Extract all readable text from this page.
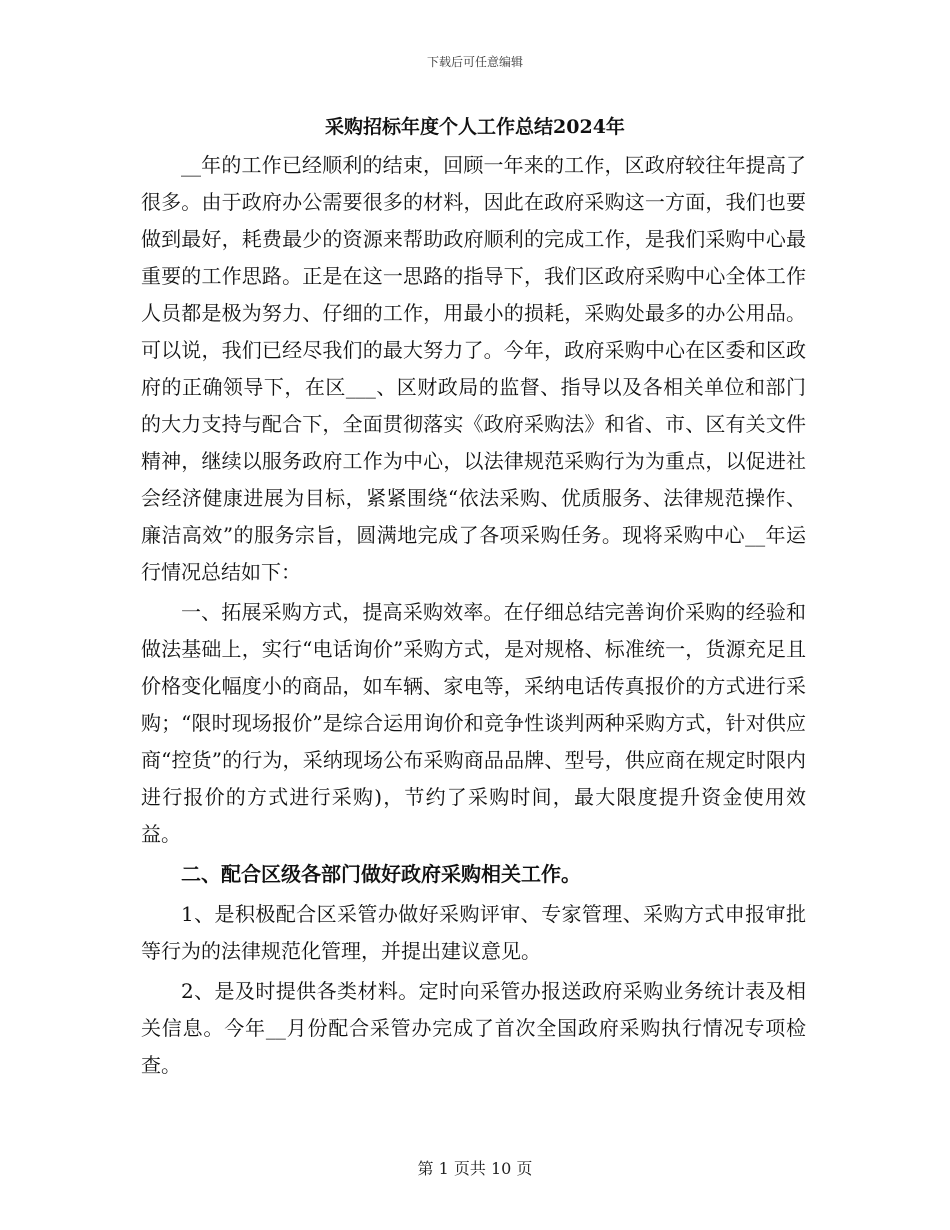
下载后可任意编辑
采购招标年度个人工作总结2024年

__年的工作已经顺利的结束，回顾一年来的工作，区政府较往年提高了很多。由于政府办公需要很多的材料，因此在政府采购这一方面，我们也要做到最好，耗费最少的资源来帮助政府顺利的完成工作，是我们采购中心最重要的工作思路。正是在这一思路的指导下，我们区政府采购中心全体工作人员都是极为努力、仔细的工作，用最小的损耗，采购处最多的办公用品。可以说，我们已经尽我们的最大努力了。今年，政府采购中心在区委和区政府的正确领导下，在区___、区财政局的监督、指导以及各相关单位和部门的大力支持与配合下，全面贯彻落实《政府采购法》和省、市、区有关文件精神，继续以服务政府工作为中心，以法律规范采购行为为重点，以促进社会经济健康进展为目标，紧紧围绕“依法采购、优质服务、法律规范操作、廉洁高效”的服务宗旨，圆满地完成了各项采购任务。现将采购中心__年运行情况总结如下：

一、拓展采购方式，提高采购效率。在仔细总结完善询价采购的经验和做法基础上，实行“电话询价”采购方式，是对规格、标准统一，货源充足且价格变化幅度小的商品，如车辆、家电等，采纳电话传真报价的方式进行采购；“限时现场报价”是综合运用询价和竞争性谈判两种采购方式，针对供应商“控货”的行为，采纳现场公布采购商品品牌、型号，供应商在规定时限内进行报价的方式进行采购)，节约了采购时间，最大限度提升资金使用效益。

二、配合区级各部门做好政府采购相关工作。

1、是积极配合区采管办做好采购评审、专家管理、采购方式申报审批等行为的法律规范化管理，并提出建议意见。

2、是及时提供各类材料。定时向采管办报送政府采购业务统计表及相关信息。今年__月份配合采管办完成了首次全国政府采购执行情况专项检查。

第 1 页共 10 页
